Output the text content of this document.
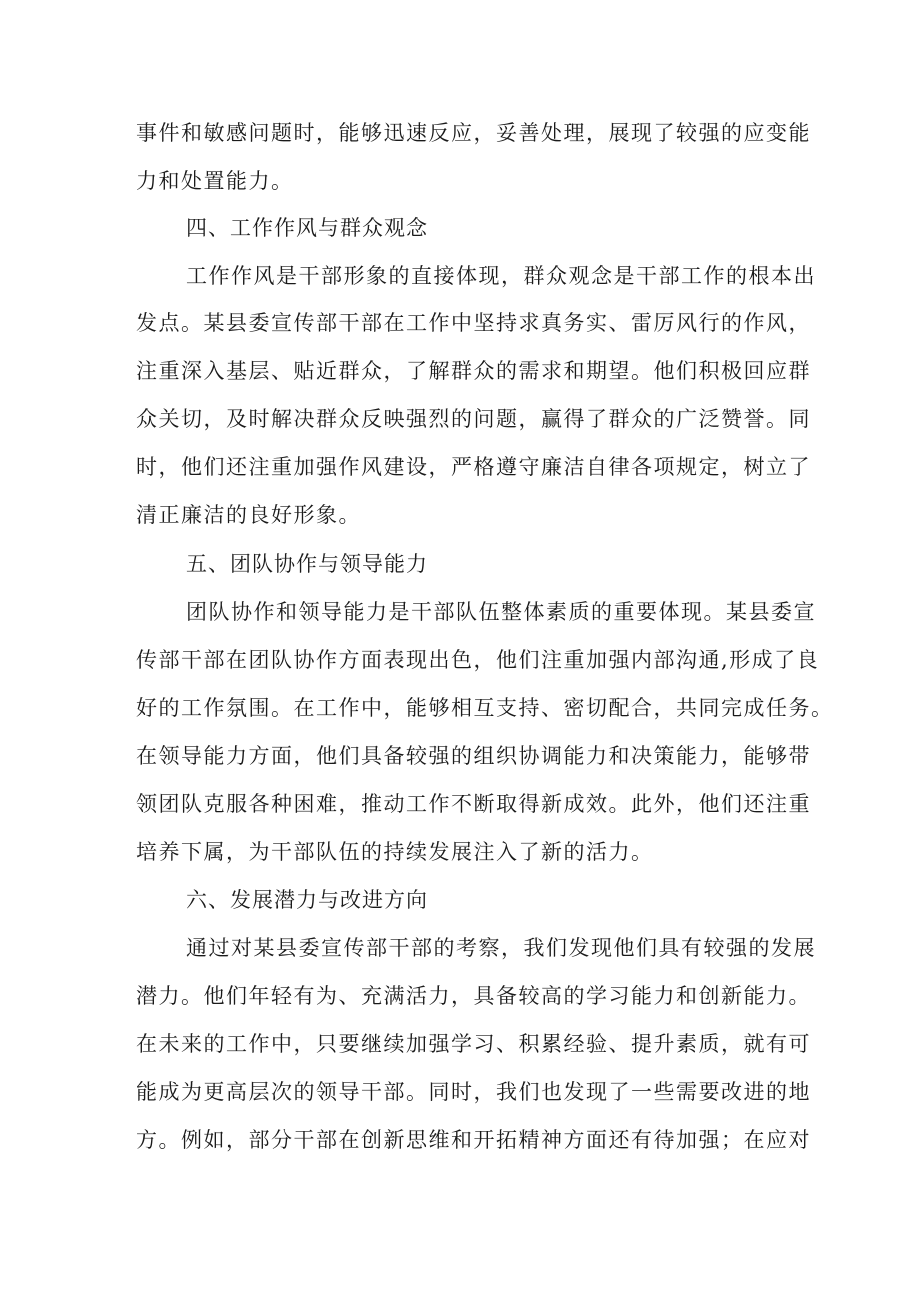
事件和敏感问题时，能够迅速反应，妥善处理，展现了较强的应变能
力和处置能力。
四、工作作风与群众观念
工作作风是干部形象的直接体现，群众观念是干部工作的根本出
发点。某县委宣传部干部在工作中坚持求真务实、雷厉风行的作风，
注重深入基层、贴近群众，了解群众的需求和期望。他们积极回应群
众关切，及时解决群众反映强烈的问题，赢得了群众的广泛赞誉。同
时，他们还注重加强作风建设，严格遵守廉洁自律各项规定，树立了
清正廉洁的良好形象。
五、团队协作与领导能力
团队协作和领导能力是干部队伍整体素质的重要体现。某县委宣
传部干部在团队协作方面表现出色，他们注重加强内部沟通,形成了良
好的工作氛围。在工作中，能够相互支持、密切配合，共同完成任务。
在领导能力方面，他们具备较强的组织协调能力和决策能力，能够带
领团队克服各种困难，推动工作不断取得新成效。此外，他们还注重
培养下属，为干部队伍的持续发展注入了新的活力。
六、发展潜力与改进方向
通过对某县委宣传部干部的考察，我们发现他们具有较强的发展
潜力。他们年轻有为、充满活力，具备较高的学习能力和创新能力。
在未来的工作中，只要继续加强学习、积累经验、提升素质，就有可
能成为更高层次的领导干部。同时，我们也发现了一些需要改进的地
方。例如，部分干部在创新思维和开拓精神方面还有待加强；在应对
